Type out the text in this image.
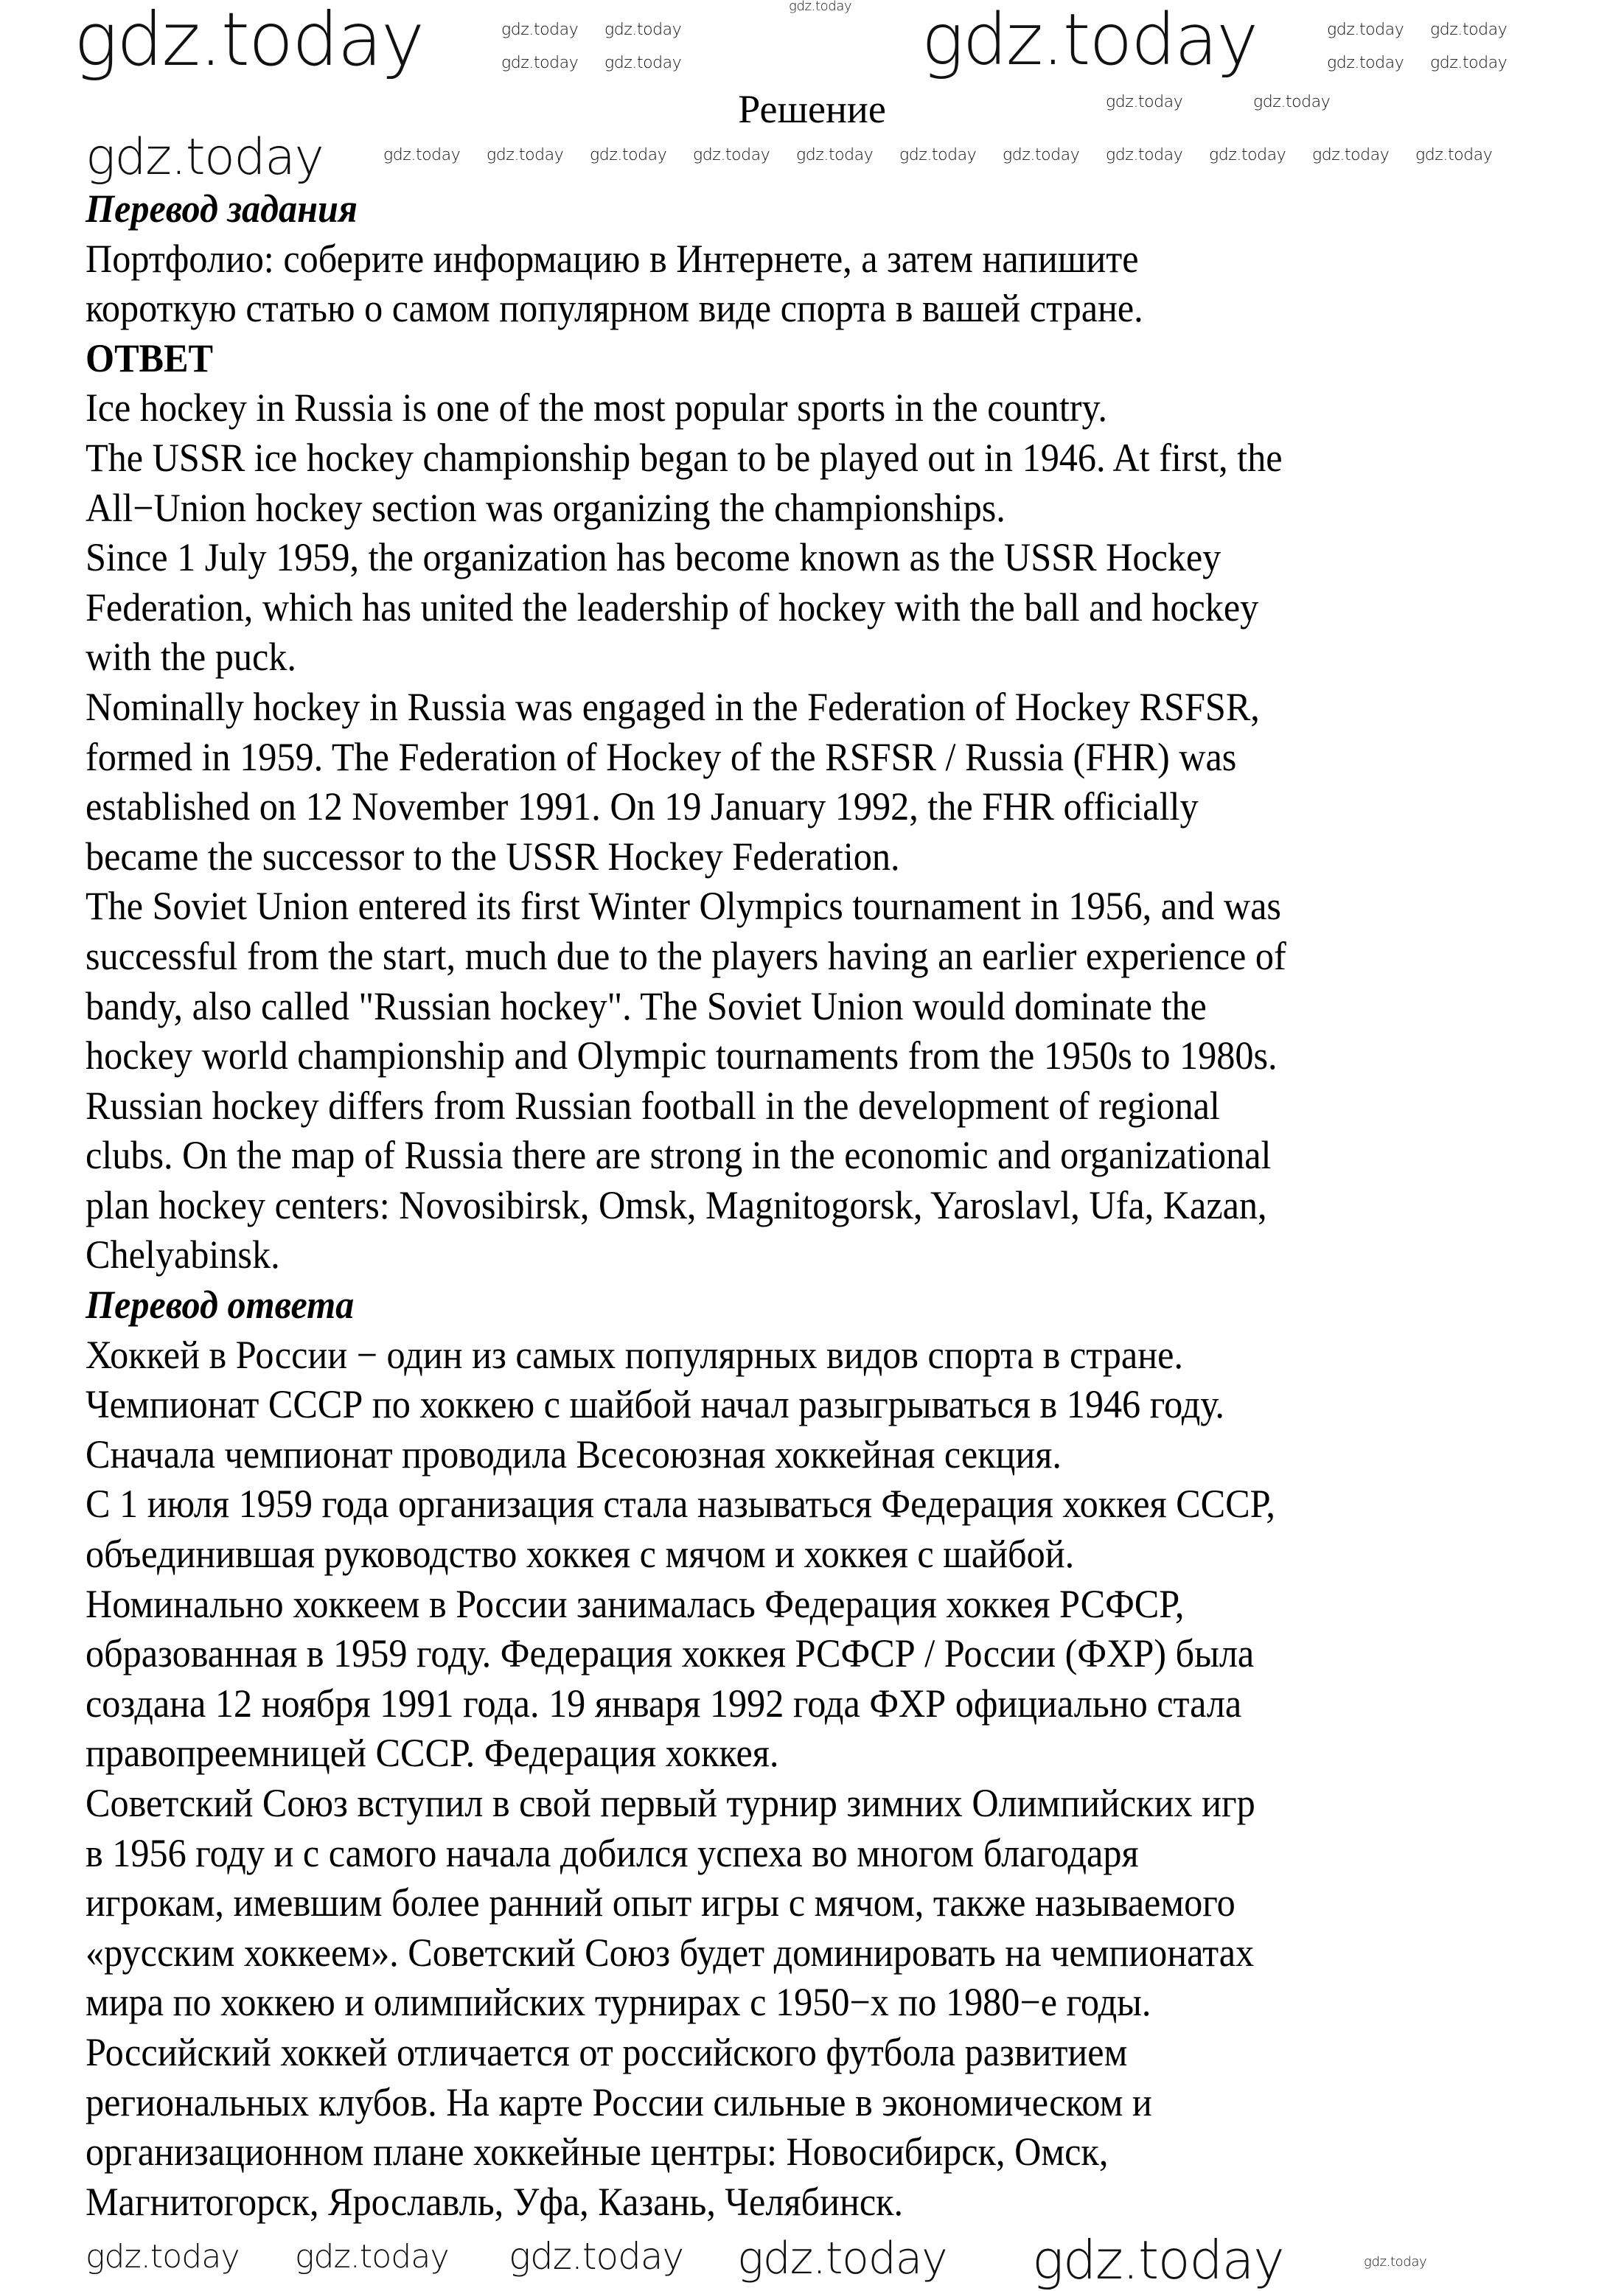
Решение
Перевод задания
Портфолио: соберите информацию в Интернете, а затем напишите
короткую статью о самом популярном виде спорта в вашей стране.
ОТВЕТ
Ice hockey in Russia is one of the most popular sports in the country.
The USSR ice hockey championship began to be played out in 1946. At first, the
All−Union hockey section was organizing the championships.
Since 1 July 1959, the organization has become known as the USSR Hockey
Federation, which has united the leadership of hockey with the ball and hockey
with the puck.
Nominally hockey in Russia was engaged in the Federation of Hockey RSFSR,
formed in 1959. The Federation of Hockey of the RSFSR / Russia (FHR) was
established on 12 November 1991. On 19 January 1992, the FHR officially
became the successor to the USSR Hockey Federation.
The Soviet Union entered its first Winter Olympics tournament in 1956, and was
successful from the start, much due to the players having an earlier experience of
bandy, also called "Russian hockey". The Soviet Union would dominate the
hockey world championship and Olympic tournaments from the 1950s to 1980s.
Russian hockey differs from Russian football in the development of regional
clubs. On the map of Russia there are strong in the economic and organizational
plan hockey centers: Novosibirsk, Omsk, Magnitogorsk, Yaroslavl, Ufa, Kazan,
Chelyabinsk.
Перевод ответа
Хоккей в России − один из самых популярных видов спорта в стране.
Чемпионат СССР по хоккею с шайбой начал разыгрываться в 1946 году.
Сначала чемпионат проводила Всесоюзная хоккейная секция.
С 1 июля 1959 года организация стала называться Федерация хоккея СССР,
объединившая руководство хоккея с мячом и хоккея с шайбой.
Номинально хоккеем в России занималась Федерация хоккея РСФСР,
образованная в 1959 году. Федерация хоккея РСФСР / России (ФХР) была
создана 12 ноября 1991 года. 19 января 1992 года ФХР официально стала
правопреемницей СССР. Федерация хоккея.
Советский Союз вступил в свой первый турнир зимних Олимпийских игр
в 1956 году и с самого начала добился успеха во многом благодаря
игрокам, имевшим более ранний опыт игры с мячом, также называемого
«русским хоккеем». Советский Союз будет доминировать на чемпионатах
мира по хоккею и олимпийских турнирах с 1950−х по 1980−е годы.
Российский хоккей отличается от российского футбола развитием
региональных клубов. На карте России сильные в экономическом и
организационном плане хоккейные центры: Новосибирск, Омск,
Магнитогорск, Ярославль, Уфа, Казань, Челябинск.
gdz.today	gdz.today gdz.today
gdz.today gdz.today
gdz.today gdz.today
gdz.today gdz.today
gdz.today gdz.today
gdz.today	gdz.today
gdz.today	gdz.today gdz.today gdz.today gdz.today gdz.today gdz.today gdz.today gdz.today gdz.today gdz.today gdz.today
gdz.today gdz.today gdz.today gdz.today gdz.today	gdz.today
